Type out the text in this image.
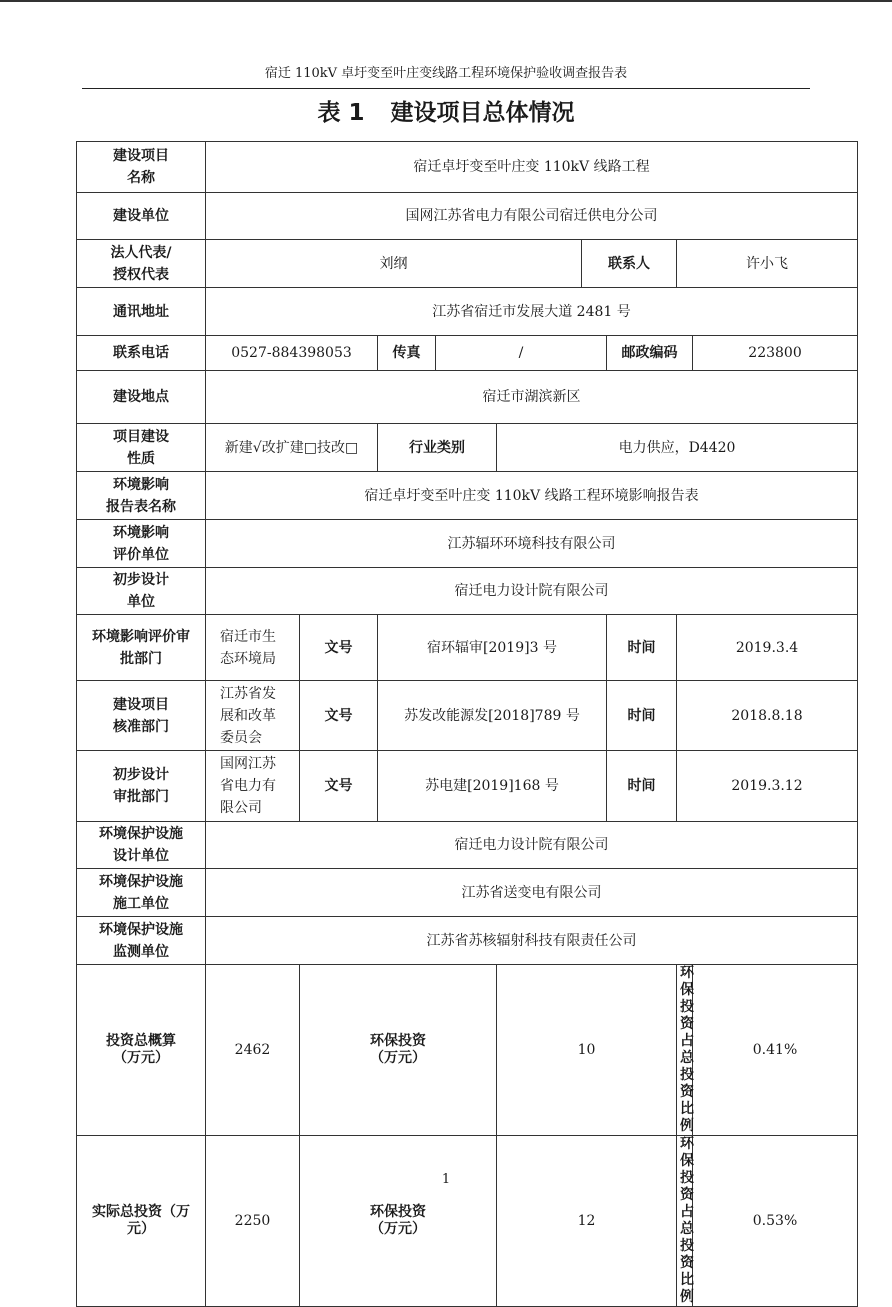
宿迁 110kV 卓圩变至叶庄变线路工程环境保护验收调查报告表
表 1 建设项目总体情况
建设项目
名称	宿迁卓圩变至叶庄变 110kV 线路工程								
建设单位	国网江苏省电力有限公司宿迁供电分公司								
法人代表/
授权代表	刘纲					联系人		许小飞	
通讯地址	江苏省宿迁市发展大道 2481 号								
联系电话	0527-884398053		传真	/			邮政编码		223800
建设地点	宿迁市湖滨新区								
项目建设
性质	新建√改扩建□技改□		行业类别		电力供应，D4420				
环境影响
报告表名称	宿迁卓圩变至叶庄变 110kV 线路工程环境影响报告表								
环境影响
评价单位	江苏辐环环境科技有限公司								
初步设计
单位	宿迁电力设计院有限公司								
环境影响评价审
批部门	宿迁市生
态环境局	文号	宿环辐审[2019]3 号				时间	2019.3.4	
建设项目
核准部门	江苏省发
展和改革
委员会	文号	苏发改能源发[2018]789 号				时间	2018.8.18	
初步设计
审批部门	国网江苏
省电力有
限公司	文号	苏电建[2019]168 号				时间	2019.3.12	
环境保护设施
设计单位	宿迁电力设计院有限公司								
环境保护设施
施工单位	江苏省送变电有限公司								
环境保护设施
监测单位	江苏省苏核辐射科技有限责任公司								
投资总概算
（万元）	2462	环保投资
（万元）			10			环保投
资占总
投资比
例	0.41%
实际总投资（万
元）	2250	环保投资
（万元）			12			环保投
资占总
投资比
例	0.53%
1
